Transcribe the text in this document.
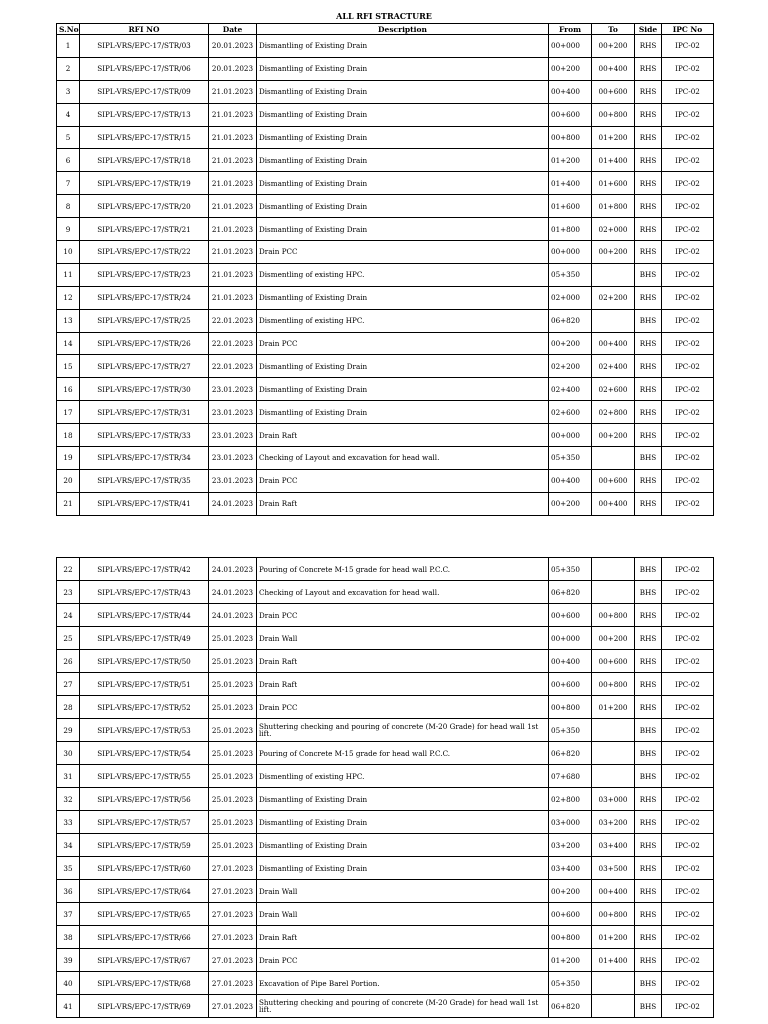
ALL RFI STRACTURE
S.No	RFI NO	Date	Description	From	To	Side	IPC No
1	SIPL-VRS/EPC-17/STR/03	20.01.2023	Dismantling of Existing Drain	00+000	00+200	RHS	IPC-02
2	SIPL-VRS/EPC-17/STR/06	20.01.2023	Dismantling of Existing Drain	00+200	00+400	RHS	IPC-02
3	SIPL-VRS/EPC-17/STR/09	21.01.2023	Dismantling of Existing Drain	00+400	00+600	RHS	IPC-02
4	SIPL-VRS/EPC-17/STR/13	21.01.2023	Dismantling of Existing Drain	00+600	00+800	RHS	IPC-02
5	SIPL-VRS/EPC-17/STR/15	21.01.2023	Dismantling of Existing Drain	00+800	01+200	RHS	IPC-02
6	SIPL-VRS/EPC-17/STR/18	21.01.2023	Dismantling of Existing Drain	01+200	01+400	RHS	IPC-02
7	SIPL-VRS/EPC-17/STR/19	21.01.2023	Dismantling of Existing Drain	01+400	01+600	RHS	IPC-02
8	SIPL-VRS/EPC-17/STR/20	21.01.2023	Dismantling of Existing Drain	01+600	01+800	RHS	IPC-02
9	SIPL-VRS/EPC-17/STR/21	21.01.2023	Dismantling of Existing Drain	01+800	02+000	RHS	IPC-02
10	SIPL-VRS/EPC-17/STR/22	21.01.2023	Drain PCC	00+000	00+200	RHS	IPC-02
11	SIPL-VRS/EPC-17/STR/23	21.01.2023	Dismentling of existing HPC.	05+350		BHS	IPC-02
12	SIPL-VRS/EPC-17/STR/24	21.01.2023	Dismantling of Existing Drain	02+000	02+200	RHS	IPC-02
13	SIPL-VRS/EPC-17/STR/25	22.01.2023	Dismentling of existing HPC.	06+820		BHS	IPC-02
14	SIPL-VRS/EPC-17/STR/26	22.01.2023	Drain PCC	00+200	00+400	RHS	IPC-02
15	SIPL-VRS/EPC-17/STR/27	22.01.2023	Dismantling of Existing Drain	02+200	02+400	RHS	IPC-02
16	SIPL-VRS/EPC-17/STR/30	23.01.2023	Dismantling of Existing Drain	02+400	02+600	RHS	IPC-02
17	SIPL-VRS/EPC-17/STR/31	23.01.2023	Dismantling of Existing Drain	02+600	02+800	RHS	IPC-02
18	SIPL-VRS/EPC-17/STR/33	23.01.2023	Drain Raft	00+000	00+200	RHS	IPC-02
19	SIPL-VRS/EPC-17/STR/34	23.01.2023	Checking of Layout and excavation for head wall.	05+350		BHS	IPC-02
20	SIPL-VRS/EPC-17/STR/35	23.01.2023	Drain PCC	00+400	00+600	RHS	IPC-02
21	SIPL-VRS/EPC-17/STR/41	24.01.2023	Drain Raft	00+200	00+400	RHS	IPC-02
22	SIPL-VRS/EPC-17/STR/42	24.01.2023	Pouring of Concrete M-15 grade for head wall P.C.C.	05+350		BHS	IPC-02
23	SIPL-VRS/EPC-17/STR/43	24.01.2023	Checking of Layout and excavation for head wall.	06+820		BHS	IPC-02
24	SIPL-VRS/EPC-17/STR/44	24.01.2023	Drain PCC	00+600	00+800	RHS	IPC-02
25	SIPL-VRS/EPC-17/STR/49	25.01.2023	Drain Wall	00+000	00+200	RHS	IPC-02
26	SIPL-VRS/EPC-17/STR/50	25.01.2023	Drain Raft	00+400	00+600	RHS	IPC-02
27	SIPL-VRS/EPC-17/STR/51	25.01.2023	Drain Raft	00+600	00+800	RHS	IPC-02
28	SIPL-VRS/EPC-17/STR/52	25.01.2023	Drain PCC	00+800	01+200	RHS	IPC-02
29	SIPL-VRS/EPC-17/STR/53	25.01.2023	Shuttering checking and pouring of concrete (M-20 Grade) for head wall 1st lift.	05+350		BHS	IPC-02
30	SIPL-VRS/EPC-17/STR/54	25.01.2023	Pouring of Concrete M-15 grade for head wall P.C.C.	06+820		BHS	IPC-02
31	SIPL-VRS/EPC-17/STR/55	25.01.2023	Dismentling of existing HPC.	07+680		BHS	IPC-02
32	SIPL-VRS/EPC-17/STR/56	25.01.2023	Dismantling of Existing Drain	02+800	03+000	RHS	IPC-02
33	SIPL-VRS/EPC-17/STR/57	25.01.2023	Dismantling of Existing Drain	03+000	03+200	RHS	IPC-02
34	SIPL-VRS/EPC-17/STR/59	25.01.2023	Dismantling of Existing Drain	03+200	03+400	RHS	IPC-02
35	SIPL-VRS/EPC-17/STR/60	27.01.2023	Dismantling of Existing Drain	03+400	03+500	RHS	IPC-02
36	SIPL-VRS/EPC-17/STR/64	27.01.2023	Drain Wall	00+200	00+400	RHS	IPC-02
37	SIPL-VRS/EPC-17/STR/65	27.01.2023	Drain Wall	00+600	00+800	RHS	IPC-02
38	SIPL-VRS/EPC-17/STR/66	27.01.2023	Drain Raft	00+800	01+200	RHS	IPC-02
39	SIPL-VRS/EPC-17/STR/67	27.01.2023	Drain PCC	01+200	01+400	RHS	IPC-02
40	SIPL-VRS/EPC-17/STR/68	27.01.2023	Excavation of Pipe Barel Portion.	05+350		BHS	IPC-02
41	SIPL-VRS/EPC-17/STR/69	27.01.2023	Shuttering checking and pouring of concrete (M-20 Grade) for head wall 1st lift.	06+820		BHS	IPC-02
